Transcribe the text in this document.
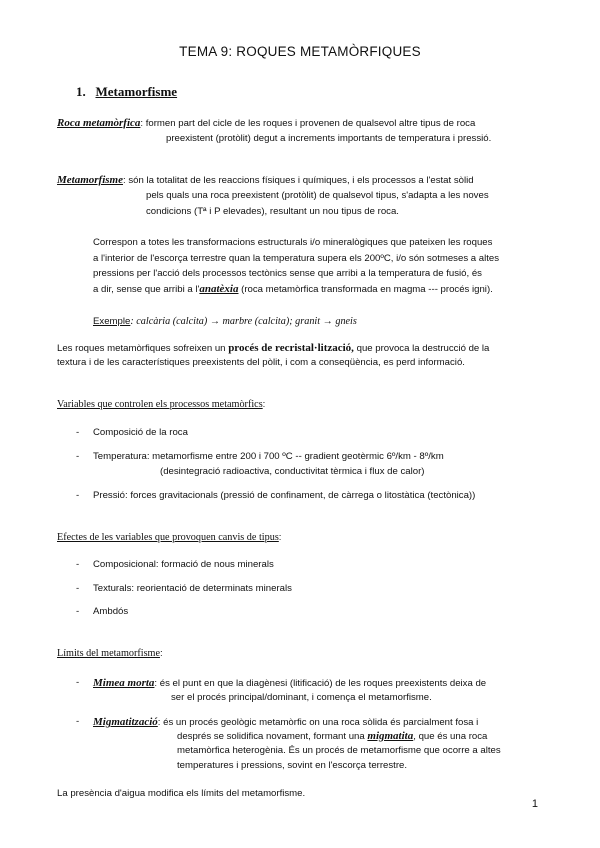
TEMA 9: ROQUES METAMÒRFIQUES
1. Metamorfisme
Roca metamòrfica: formen part del cicle de les roques i provenen de qualsevol altre tipus de roca
preexistent (protòlit) degut a increments importants de temperatura i pressió.
Metamorfisme: són la totalitat de les reaccions físiques i químiques, i els processos a l'estat sòlid
pels quals una roca preexistent (protòlit) de qualsevol tipus, s'adapta a les noves
condicions (Tª i P elevades), resultant un nou tipus de roca.
Correspon a totes les transformacions estructurals i/o mineralògiques que pateixen les roques
a l'interior de l'escorça terrestre quan la temperatura supera els 200ºC, i/o són sotmeses a altes
pressions per l'acció dels processos tectònics sense que arribi a la temperatura de fusió, és
a dir, sense que arribi a l'anatèxia (roca metamòrfica transformada en magma --- procés igni).
Exemple: calcària (calcita) → marbre (calcita); granit → gneis
Les roques metamòrfiques sofreixen un procés de recristal·lització, que provoca la destrucció de la
textura i de les característiques preexistents del pòlit, i com a conseqüència, es perd informació.
Variables que controlen els processos metamòrfics:
- Composició de la roca
- Temperatura: metamorfisme entre 200 i 700 ºC -- gradient geotèrmic 6º/km - 8º/km
(desintegració radioactiva, conductivitat tèrmica i flux de calor)
- Pressió: forces gravitacionals (pressió de confinament, de càrrega o litostàtica (tectònica))
Efectes de les variables que provoquen canvis de tipus:
- Composicional: formació de nous minerals
- Texturals: reorientació de determinats minerals
- Ambdós
Límits del metamorfisme:
- Mimea morta: és el punt en que la diagènesi (litificació) de les roques preexistents deixa de
ser el procés principal/dominant, i comença el metamorfisme.
- Migmatització: és un procés geològic metamòrfic on una roca sòlida és parcialment fosa i
després se solidifica novament, formant una migmatita, que és una roca
metamòrfica heterogènia. És un procés de metamorfisme que ocorre a altes
temperatures i pressions, sovint en l'escorça terrestre.
La presència d'aigua modifica els límits del metamorfisme.
1
